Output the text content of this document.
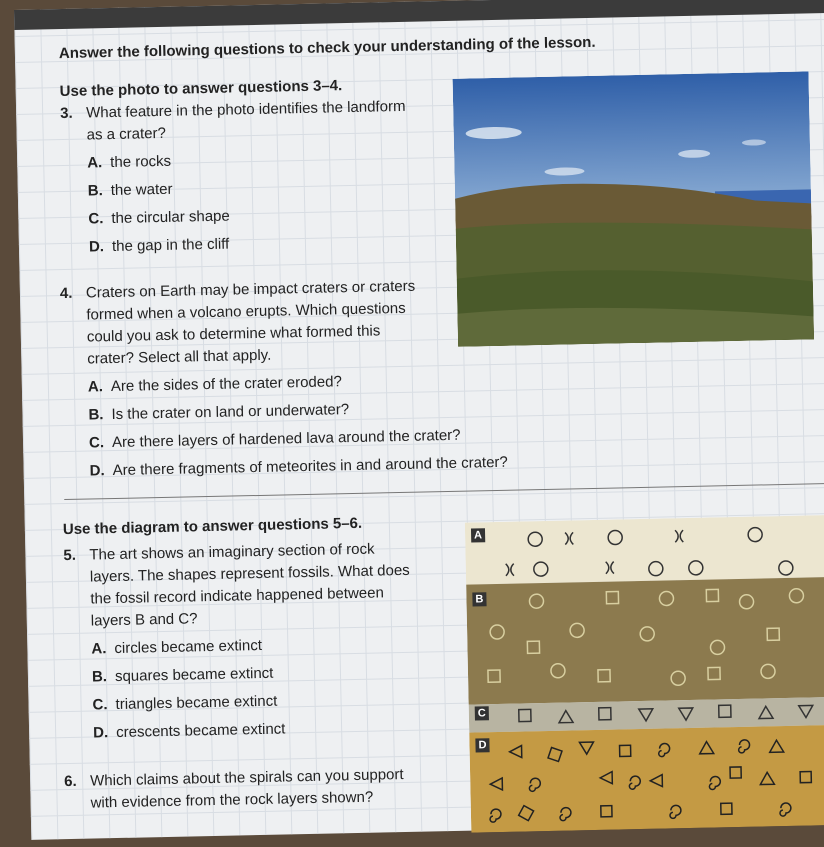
Answer the following questions to check your understanding of the lesson.
Use the photo to answer questions 3–4.
3. What feature in the photo identifies the landform
as a crater?
A. the rocks
B. the water
C. the circular shape
D. the gap in the cliff
4. Craters on Earth may be impact craters or craters
formed when a volcano erupts. Which questions
could you ask to determine what formed this
crater? Select all that apply.
A. Are the sides of the crater eroded?
B. Is the crater on land or underwater?
C. Are there layers of hardened lava around the crater?
D. Are there fragments of meteorites in and around the crater?
Use the diagram to answer questions 5–6.
5. The art shows an imaginary section of rock
layers. The shapes represent fossils. What does
the fossil record indicate happened between
layers B and C?
A. circles became extinct
B. squares became extinct
C. triangles became extinct
D. crescents became extinct
6. Which claims about the spirals can you support
with evidence from the rock layers shown?
A
B
C
D
